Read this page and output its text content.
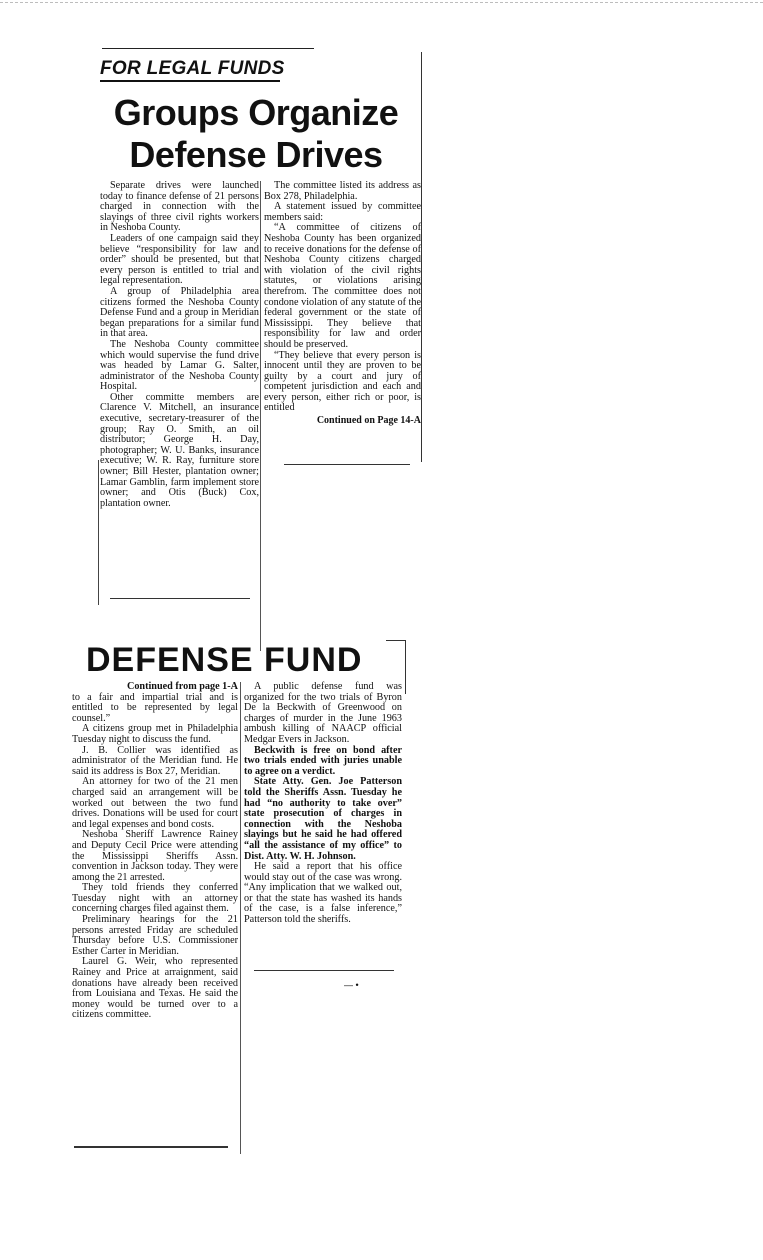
FOR LEGAL FUNDS
Groups Organize
Defense Drives

Separate drives were launched today to finance defense of 21 persons charged in connection with the slayings of three civil rights workers in Neshoba County.

Leaders of one campaign said they believe “responsibility for law and order” should be presented, but that every person is entitled to trial and legal representation.

A group of Philadelphia area citizens formed the Neshoba County Defense Fund and a group in Meridian began preparations for a similar fund in that area.

The Neshoba County committee which would supervise the fund drive was headed by Lamar G. Salter, administrator of the Neshoba County Hospital.

Other committe members are Clarence V. Mitchell, an insurance executive, secretary-treasurer of the group; Ray O. Smith, an oil distributor; George H. Day, photographer; W. U. Banks, insurance executive; W. R. Ray, furniture store owner; Bill Hester, plantation owner; Lamar Gamblin, farm implement store owner; and Otis (Buck) Cox, plantation owner.

The committee listed its address as Box 278, Philadelphia.

A statement issued by committee members said:

“A committee of citizens of Neshoba County has been organized to receive donations for the defense of Neshoba County citizens charged with violation of the civil rights statutes, or violations arising therefrom. The committee does not condone violation of any statute of the federal government or the state of Mississippi. They believe that responsibility for law and order should be preserved.

“They believe that every person is innocent until they are proven to be guilty by a court and jury of competent jurisdiction and each and every person, either rich or poor, is entitled

Continued on Page 14-A
DEFENSE FUND
Continued from page 1-A
to a fair and impartial trial and is entitled to be represented by legal counsel.”

A citizens group met in Philadelphia Tuesday night to discuss the fund.

J. B. Collier was identified as administrator of the Meridian fund. He said its address is Box 27, Meridian.

An attorney for two of the 21 men charged said an arrangement will be worked out between the two fund drives. Donations will be used for court and legal expenses and bond costs.

Neshoba Sheriff Lawrence Rainey and Deputy Cecil Price were attending the Mississippi Sheriffs Assn. convention in Jackson today. They were among the 21 arrested.

They told friends they conferred Tuesday night with an attorney concerning charges filed against them.

Preliminary hearings for the 21 persons arrested Friday are scheduled Thursday before U.S. Commissioner Esther Carter in Meridian.

Laurel G. Weir, who represented Rainey and Price at arraignment, said donations have already been received from Louisiana and Texas. He said the money would be turned over to a citizens committee.

A public defense fund was organized for the two trials of Byron De la Beckwith of Greenwood on charges of murder in the June 1963 ambush killing of NAACP official Medgar Evers in Jackson.

Beckwith is free on bond after two trials ended with juries unable to agree on a verdict.

State Atty. Gen. Joe Patterson told the Sheriffs Assn. Tuesday he had “no authority to take over” state prosecution of charges in connection with the Neshoba slayings but he said he had offered “all the assistance of my office” to Dist. Atty. W. H. Johnson.

He said a report that his office would stay out of the case was wrong. “Any implication that we walked out, or that the state has washed its hands of the case, is a false inference,” Patterson told the sheriffs.

— •
